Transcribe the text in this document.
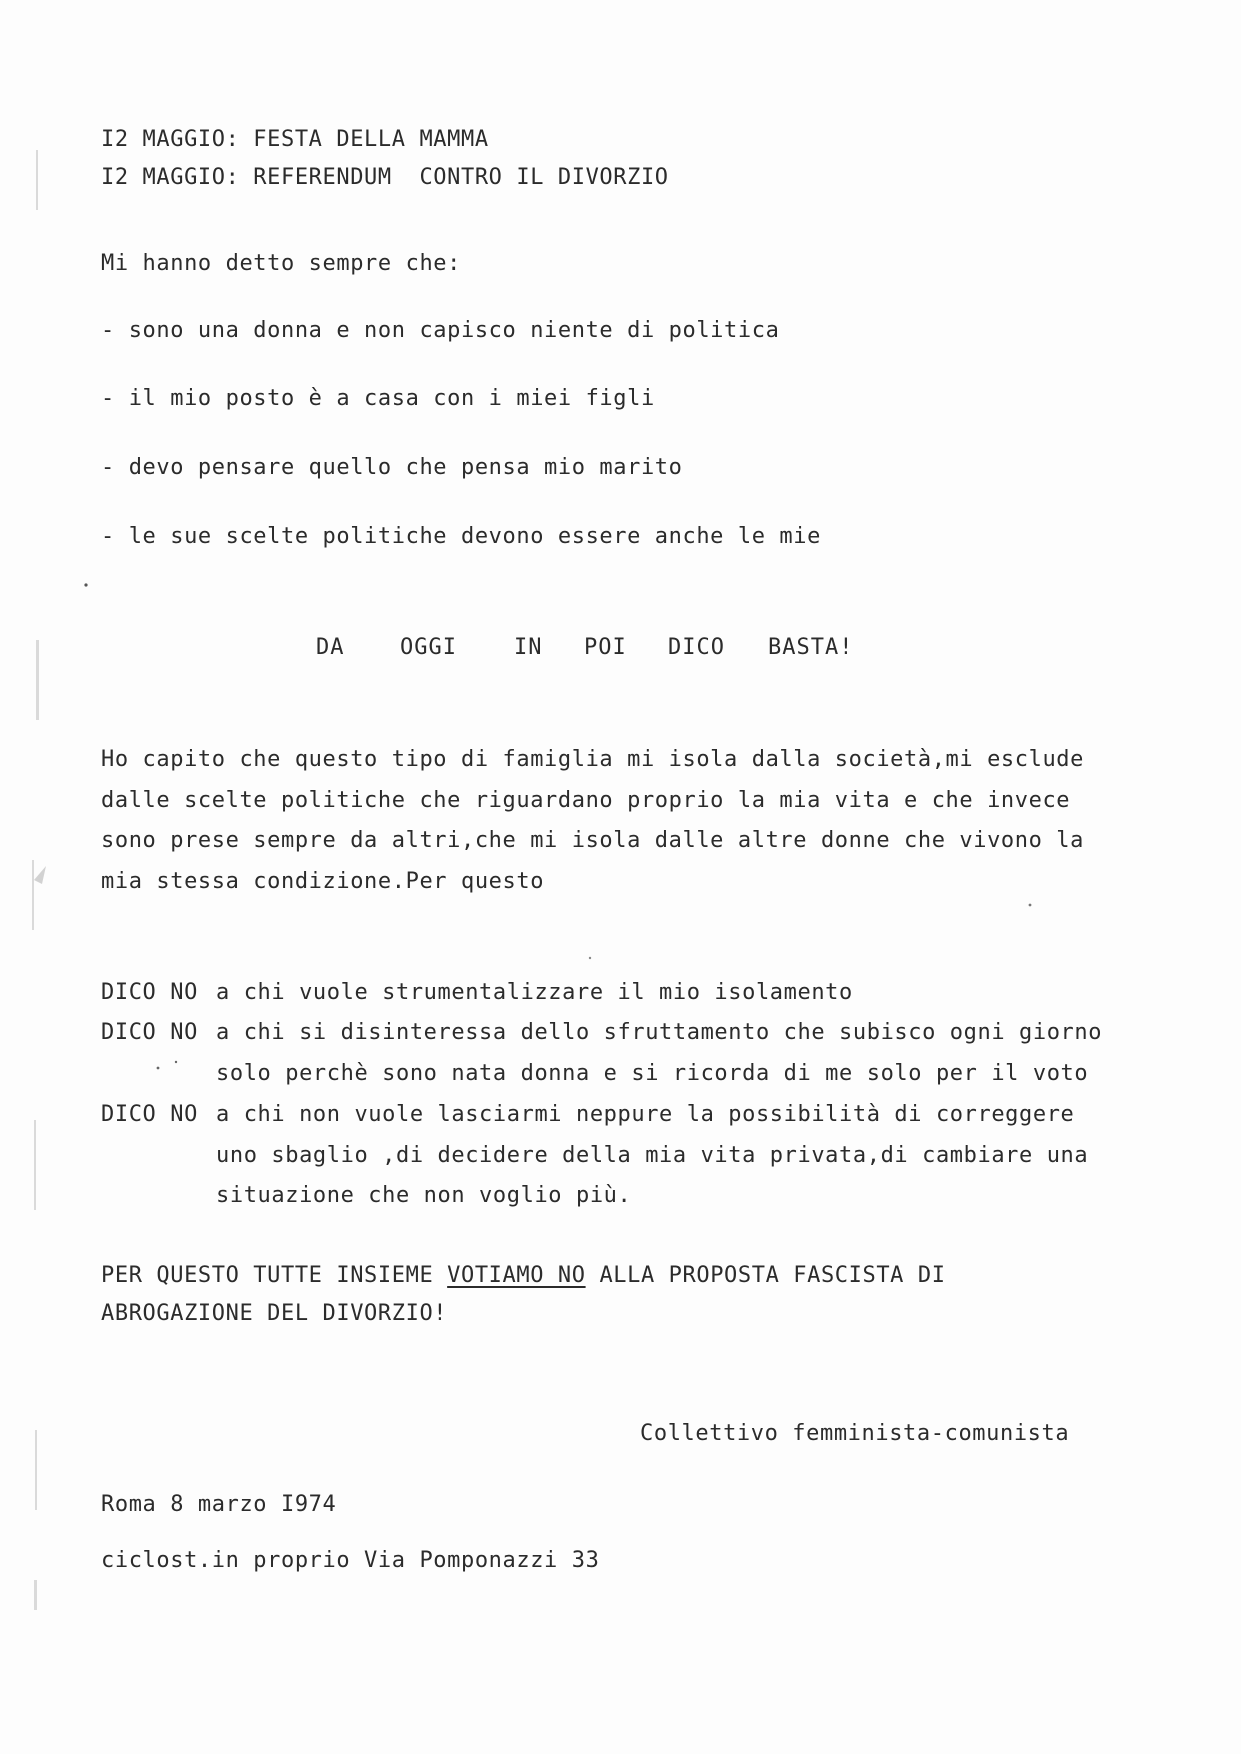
I2 MAGGIO: FESTA DELLA MAMMA
I2 MAGGIO: REFERENDUM  CONTRO IL DIVORZIO
Mi hanno detto sempre che:
- sono una donna e non capisco niente di politica
- il mio posto è a casa con i miei figli
- devo pensare quello che pensa mio marito
- le sue scelte politiche devono essere anche le mie
DA	OGGI	IN POI DICO BASTA!
Ho capito che questo tipo di famiglia mi isola dalla società,mi esclude
dalle scelte politiche che riguardano proprio la mia vita e che invece
sono prese sempre da altri,che mi isola dalle altre donne che vivono la
mia stessa condizione.Per questo
DICO NO a chi vuole strumentalizzare il mio isolamento
DICO NO a chi si disinteressa dello sfruttamento che subisco ogni giorno
solo perchè sono nata donna e si ricorda di me solo per il voto
DICO NO a chi non vuole lasciarmi neppure la possibilità di correggere
uno sbaglio ,di decidere della mia vita privata,di cambiare una
situazione che non voglio più.
PER QUESTO TUTTE INSIEME VOTIAMO NO ALLA PROPOSTA FASCISTA DI
ABROGAZIONE DEL DIVORZIO!
Collettivo femminista-comunista
Roma 8 marzo I974
ciclost.in proprio Via Pomponazzi 33
